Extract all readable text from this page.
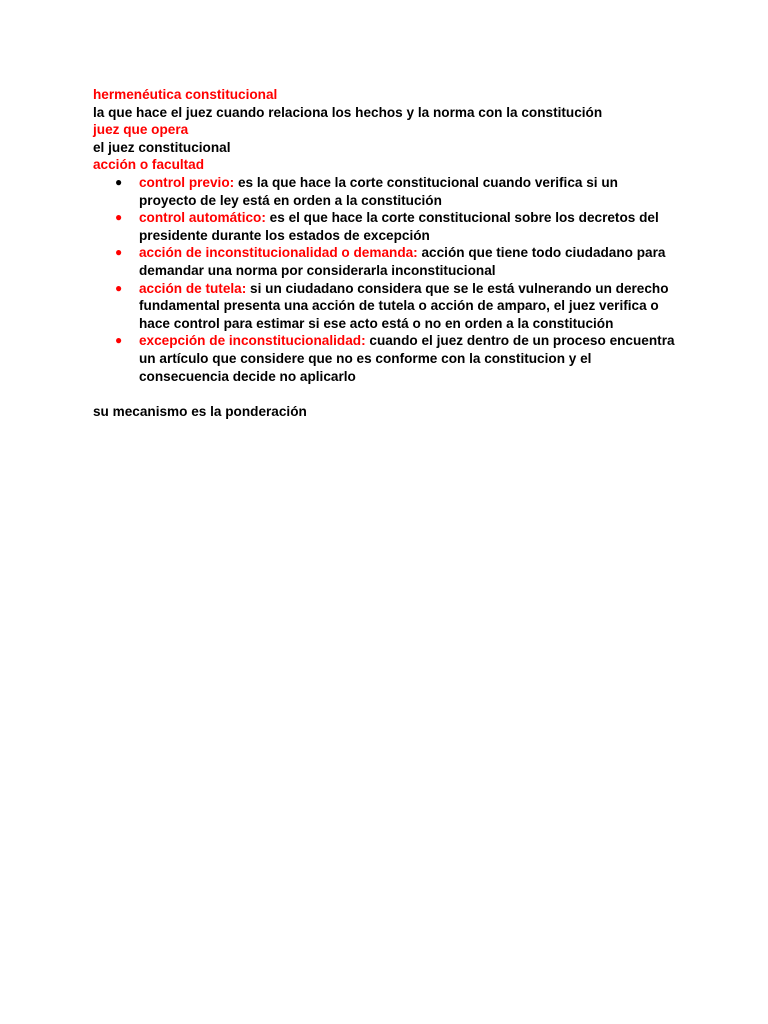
hermenéutica constitucional
la que hace el juez cuando relaciona los hechos y la norma con la constitución
juez que opera
el juez constitucional
acción o facultad
● control previo: es la que hace la corte constitucional cuando verifica si un proyecto de ley está en orden a la constitución
● control automático: es el que hace la corte constitucional sobre los decretos del presidente durante los estados de excepción
● acción de inconstitucionalidad o demanda: acción que tiene todo ciudadano para demandar una norma por considerarla inconstitucional
● acción de tutela: si un ciudadano considera que se le está vulnerando un derecho fundamental presenta una acción de tutela o acción de amparo, el juez verifica o hace control para estimar si ese acto está o no en orden a la constitución
● excepción de inconstitucionalidad: cuando el juez dentro de un proceso encuentra un artículo que considere que no es conforme con la constitucion y el consecuencia decide no aplicarlo
su mecanismo es la ponderación
